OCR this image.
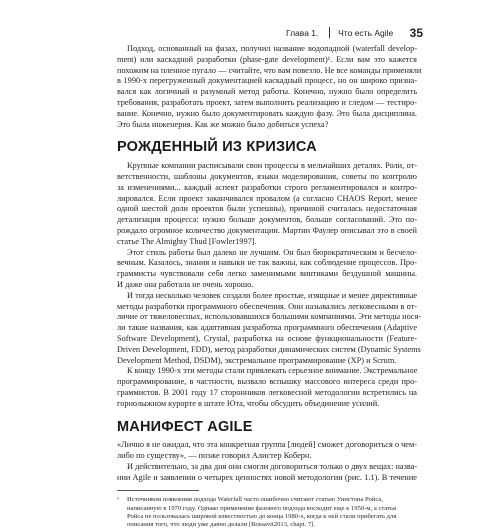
Глава 1. Что есть Agile 35
Подход, основанный на фазах, получил название водопадной (waterfall develop-
ment) или каскадной разработки (phase-gate development)¹. Если вам это кажется
похожим на пленное пугало — считайте, что вам повезло. Не все команды применяли
в 1990-х перегруженный документацией каскадный процесс, но он широко призна-
вался как логичный и разумный метод работы. Конечно, нужно было определить
требования, разработать проект, затем выполнить реализацию и следом — тестиро-
вание. Конечно, нужно было документировать каждую фазу. Это была дисциплина.
Это была инженерия. Как же можно было добиться успеха?
РОЖДЕННЫЙ ИЗ КРИЗИСА
Крупные компании расписывали свои процессы в мельчайших деталях. Роли, от-
ветственности, шаблоны документов, языки моделирования, советы по контролю
за изменениями... каждый аспект разработки строго регламентировался и контро-
лировался. Если проект заканчивался провалом (а согласно CHAOS Report, менее
одной шестой доли проектов были успешны), причиной считалась недостаточная
детализация процесса: нужно больше документов, больше согласований. Это по-
рождало огромное количество документации. Мартин Фаулер описывал это в своей
статье The Almighty Thud [Fowler1997].
Этот стиль работы был далеко не лучшим. Он был бюрократическим и бесчело-
вечным. Казалось, знания и навыки не так важны, как соблюдение процессов. Про-
граммисты чувствовали себя легко заменимыми винтиками бездушной машины.
И даже она работала не очень хорошо.
И тогда несколько человек создали более простые, изящные и менее директивные
методы разработки программного обеспечения. Они назывались легковесными в от-
личие от тяжеловесных, использовавшихся большими компаниями. Эти методы нося-
ли такие названия, как адаптивная разработка программного обеспечения (Adaptive
Software Development), Crystal, разработка на основе функциональности (Feature-
Driven Development, FDD), метод разработки динамических систем (Dynamic Systems
Development Method, DSDM), экстремальное программирование (XP) и Scrum.
К концу 1990-х эти методы стали привлекать серьезное внимание. Экстремальное
программирование, в частности, вызвало вспышку массового интереса среди про-
граммистов. В 2001 году 17 сторонников легковесной методологии встретились на
горнолыжном курорте в штате Юта, чтобы обсудить объединение усилий.
МАНИФЕСТ AGILE
«Лично я не ожидал, что эта конкретная группа [людей] сможет договориться о чем-
либо по существу», — позже говорил Алистер Коберн.
И действительно, за два дня они смогли договориться только о двух вещах: назва-
нии Agile и заявлении о четырех ценностях новой методологии (рис. 1.1). В течение
¹ Источником появления подхода Waterfall часто ошибочно считают статью Уинстона Ройса,
написанную в 1970 году. Однако применение фазового подхода восходит еще к 1950-м, а статья
Ройса не пользовалась широкой известностью до конца 1980-х, когда к ней стали прибегать для
описания того, что люди уже давно делали [Bossavit2013, chapt. 7].
